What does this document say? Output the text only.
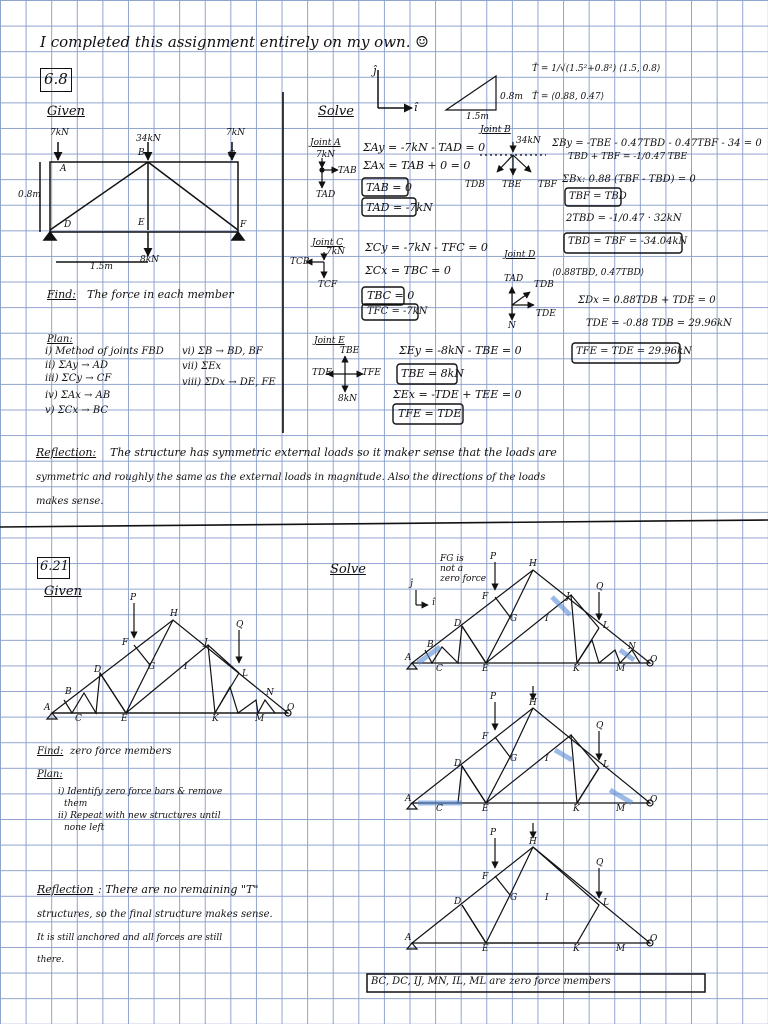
I completed this assignment entirely on my own. ☺
6.8
Given	Solve
7kN
34kN
7kN
0.8m
1.5m
8kN
A
B	C
D	E	F
Find: The force in each member
Plan:
i) Method of joints FBD
ii) ΣAy → AD
iii) ΣCy → CF
iv) ΣAx → AB
v) ΣCx → BC
vi) ΣB → BD, BF
vii) ΣEx
viii) ΣDx → DE, FE
T̂ = 1/√(1.5²+0.8²) ⟨1.5, 0.8⟩
T̂ = ⟨0.88, 0.47⟩
0.8m
1.5m
ĵ
î
Joint A
7kN
TAB
TAD
ΣAy = -7kN - TAD = 0
ΣAx = TAB + 0 = 0
TAB = 0
TAD = -7kN
Joint C
7kN
TCB
TCF
ΣCy = -7kN - TFC = 0
ΣCx = TBC = 0
TBC = 0
TFC = -7kN
Joint E
TBE
TDE	TFE
8kN
ΣEy = -8kN - TBE = 0
TBE = 8kN
ΣEx = -TDE + TEE = 0
TFE = TDE
Joint B
34kN
TDB TBE TBF
ΣBy = -TBE - 0.47TBD - 0.47TBF - 34 = 0
TBD + TBF = -1/0.47 TBE
ΣBx: 0.88 (TBF - TBD) = 0
TBF = TBD
2TBD = -1/0.47 · 32kN
TBD = TBF = -34.04kN
Joint D
TAD
TDB
TDE
N
⟨0.88TBD, 0.47TBD⟩
ΣDx = 0.88TDB + TDE = 0
TDE = -0.88 TDB = 29.96kN
TFE = TDE = 29.96kN
Reflection: The structure has symmetric external loads so it maker sense that the loads are
symmetric and roughly the same as the external loads in magnitude. Also the directions of the loads
makes sense.
6.21
Given
Solve
P
Q
P
Q
P
Q
P
Q
FG is
not a
zero force
A
B
C
D
E
F
G
H
I
J
K
L
M
N
O
A
B
C
D
E
F
G
H
I
J
K
L
M
N
O
ĵ
î
A
C
D
E
F
G
H
I
K
L
M
O
A
D
E
F
G
H
I
K
L
M
O
Find: zero force members
Plan:
i) Identify zero force bars & remove
them
ii) Repeat with new structures until
none left
Reflection : There are no remaining "T"
structures, so the final structure makes sense.
It is still anchored and all forces are still
there.
BC, DC, IJ, MN, IL, ML are zero force members
